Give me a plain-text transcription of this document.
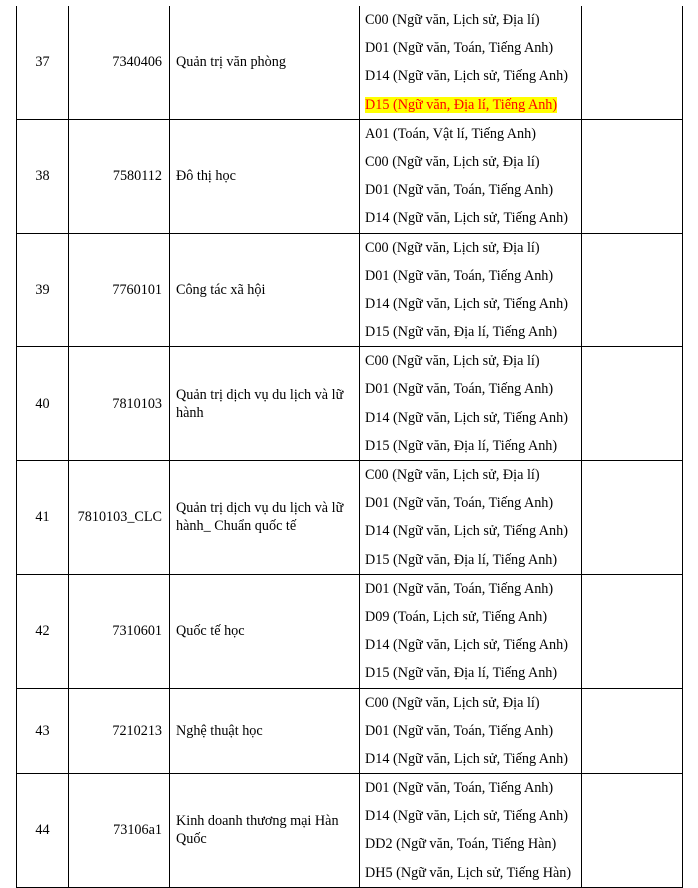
37	7340406	Quản trị văn phòng	C00 (Ngữ văn, Lịch sử, Địa lí)
D01 (Ngữ văn, Toán, Tiếng Anh)
D14 (Ngữ văn, Lịch sử, Tiếng Anh)
D15 (Ngữ văn, Địa lí, Tiếng Anh)	

38	7580112	Đô thị học	A01 (Toán, Vật lí, Tiếng Anh)
C00 (Ngữ văn, Lịch sử, Địa lí)
D01 (Ngữ văn, Toán, Tiếng Anh)
D14 (Ngữ văn, Lịch sử, Tiếng Anh)	

39	7760101	Công tác xã hội	C00 (Ngữ văn, Lịch sử, Địa lí)
D01 (Ngữ văn, Toán, Tiếng Anh)
D14 (Ngữ văn, Lịch sử, Tiếng Anh)
D15 (Ngữ văn, Địa lí, Tiếng Anh)	

40	7810103	Quản trị dịch vụ du lịch và lữ hành	C00 (Ngữ văn, Lịch sử, Địa lí)
D01 (Ngữ văn, Toán, Tiếng Anh)
D14 (Ngữ văn, Lịch sử, Tiếng Anh)
D15 (Ngữ văn, Địa lí, Tiếng Anh)	

41	7810103_CLC	Quản trị dịch vụ du lịch và lữ hành_ Chuẩn quốc tế	C00 (Ngữ văn, Lịch sử, Địa lí)
D01 (Ngữ văn, Toán, Tiếng Anh)
D14 (Ngữ văn, Lịch sử, Tiếng Anh)
D15 (Ngữ văn, Địa lí, Tiếng Anh)	

42	7310601	Quốc tế học	D01 (Ngữ văn, Toán, Tiếng Anh)
D09 (Toán, Lịch sử, Tiếng Anh)
D14 (Ngữ văn, Lịch sử, Tiếng Anh)
D15 (Ngữ văn, Địa lí, Tiếng Anh)	

43	7210213	Nghệ thuật học	C00 (Ngữ văn, Lịch sử, Địa lí)
D01 (Ngữ văn, Toán, Tiếng Anh)
D14 (Ngữ văn, Lịch sử, Tiếng Anh)	

44	73106a1	Kinh doanh thương mại Hàn Quốc	D01 (Ngữ văn, Toán, Tiếng Anh)
D14 (Ngữ văn, Lịch sử, Tiếng Anh)
DD2 (Ngữ văn, Toán, Tiếng Hàn)
DH5 (Ngữ văn, Lịch sử, Tiếng Hàn)	
